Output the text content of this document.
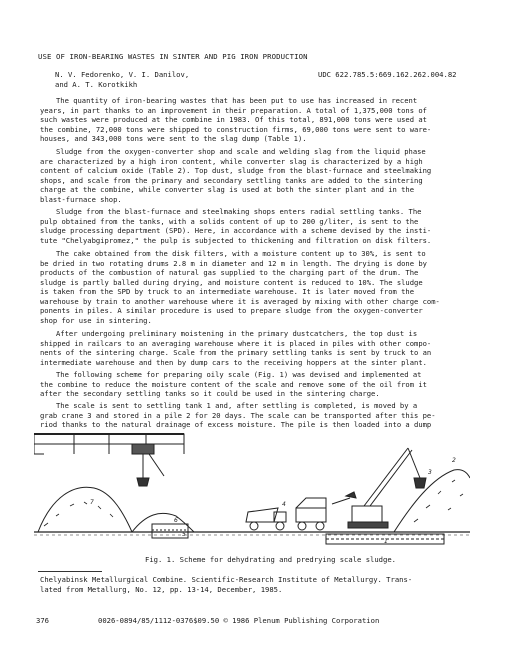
USE OF IRON-BEARING WASTES IN SINTER AND PIG IRON PRODUCTION
N. V. Fedorenko, V. I. Danilov,
and A. T. Korotkikh
UDC 622.785.5:669.162.262.004.82
The quantity of iron-bearing wastes that has been put to use has increased in recent
years, in part thanks to an improvement in their preparation. A total of 1,375,000 tons of
such wastes were produced at the combine in 1983. Of this total, 891,000 tons were used at
the combine, 72,000 tons were shipped to construction firms, 69,000 tons were sent to ware-
houses, and 343,000 tons were sent to the slag dump (Table 1).
Sludge from the oxygen-converter shop and scale and welding slag from the liquid phase
are characterized by a high iron content, while converter slag is characterized by a high
content of calcium oxide (Table 2). Top dust, sludge from the blast-furnace and steelmaking
shops, and scale from the primary and secondary settling tanks are added to the sintering
charge at the combine, while converter slag is used at both the sinter plant and in the
blast-furnace shop.
Sludge from the blast-furnace and steelmaking shops enters radial settling tanks. The
pulp obtained from the tanks, with a solids content of up to 200 g/liter, is sent to the
sludge processing department (SPD). Here, in accordance with a scheme devised by the insti-
tute "Chelyabgipromez," the pulp is subjected to thickening and filtration on disk filters.
The cake obtained from the disk filters, with a moisture content up to 30%, is sent to
be dried in two rotating drums 2.8 m in diameter and 12 m in length. The drying is done by
products of the combustion of natural gas supplied to the charging part of the drum. The
sludge is partly balled during drying, and moisture content is reduced to 10%. The sludge
is taken from the SPD by truck to an intermediate warehouse. It is later moved from the
warehouse by train to another warehouse where it is averaged by mixing with other charge com-
ponents in piles. A similar procedure is used to prepare sludge from the oxygen-converter
shop for use in sintering.
After undergoing preliminary moistening in the primary dustcatchers, the top dust is
shipped in railcars to an averaging warehouse where it is placed in piles with other compo-
nents of the sintering charge. Scale from the primary settling tanks is sent by truck to an
intermediate warehouse and then by dump cars to the receiving hoppers at the sinter plant.
The following scheme for preparing oily scale (Fig. 1) was devised and implemented at
the combine to reduce the moisture content of the scale and remove some of the oil from it
after the secondary settling tanks so it could be used in the sintering charge.
The scale is sent to settling tank 1 and, after settling is completed, is moved by a
grab crane 3 and stored in a pile 2 for 20 days. The scale can be transported after this pe-
riod thanks to the natural drainage of excess moisture. The pile is then loaded into a dump
7
6
5
4
3
2
1
Fig. 1. Scheme for dehydrating and predrying scale sludge.
Chelyabinsk Metallurgical Combine. Scientific-Research Institute of Metallurgy. Trans-
lated from Metallurg, No. 12, pp. 13-14, December, 1985.
376	0026-0894/85/1112-0376$09.50 © 1986 Plenum Publishing Corporation
